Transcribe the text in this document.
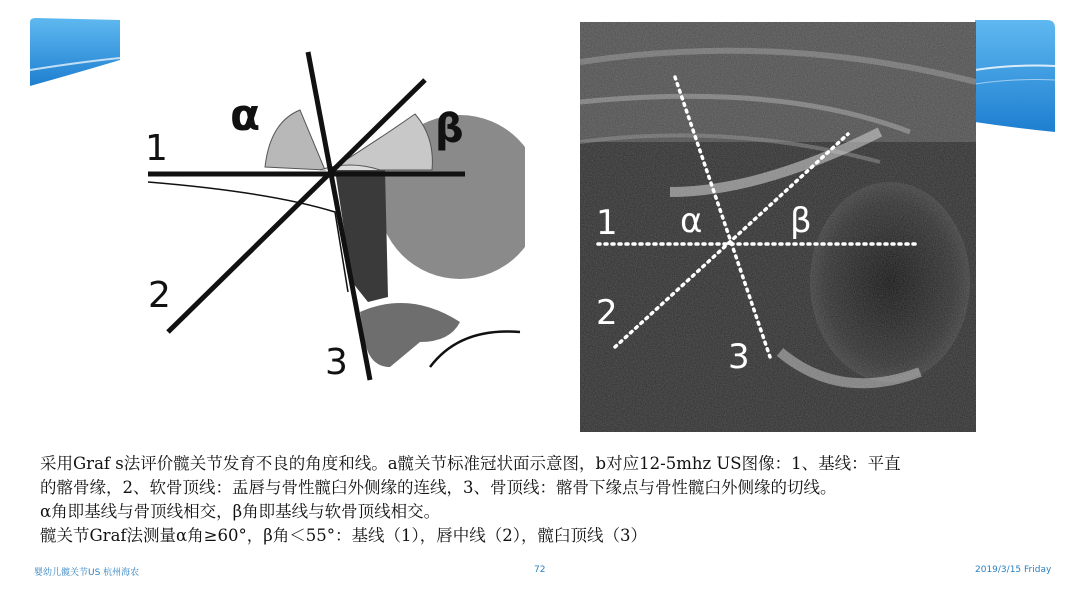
α	β
1
2
3
α	β
1
2
3
采用Graf s法评价髋关节发育不良的角度和线。a髋关节标准冠状面示意图，b对应12-5mhz US图像：1、基线：平直
的髂骨缘，2、软骨顶线：盂唇与骨性髋臼外侧缘的连线，3、骨顶线：髂骨下缘点与骨性髋臼外侧缘的切线。
α角即基线与骨顶线相交，β角即基线与软骨顶线相交。
髋关节Graf法测量α角≥60°，β角＜55°：基线（1），唇中线（2），髋臼顶线（3）
婴幼儿髋关节US 杭州海农	72	2019/3/15 Friday
